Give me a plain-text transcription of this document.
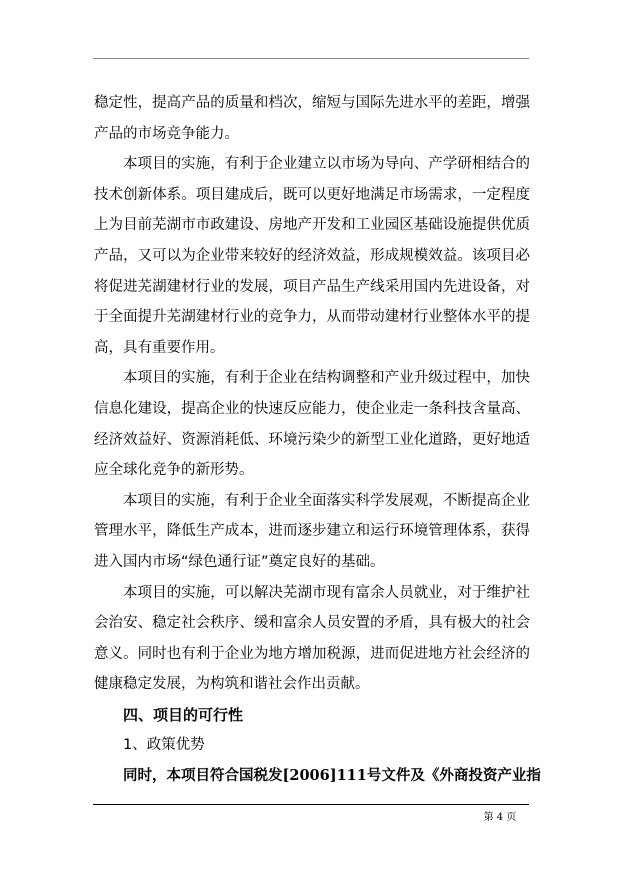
稳定性，提高产品的质量和档次，缩短与国际先进水平的差距，增强产品的市场竞争能力。

本项目的实施，有利于企业建立以市场为导向、产学研相结合的技术创新体系。项目建成后，既可以更好地满足市场需求，一定程度上为目前芜湖市市政建设、房地产开发和工业园区基础设施提供优质产品，又可以为企业带来较好的经济效益，形成规模效益。该项目必将促进芜湖建材行业的发展，项目产品生产线采用国内先进设备，对于全面提升芜湖建材行业的竞争力，从而带动建材行业整体水平的提高，具有重要作用。

本项目的实施，有利于企业在结构调整和产业升级过程中，加快信息化建设，提高企业的快速反应能力，使企业走一条科技含量高、经济效益好、资源消耗低、环境污染少的新型工业化道路，更好地适应全球化竞争的新形势。

本项目的实施，有利于企业全面落实科学发展观，不断提高企业管理水平，降低生产成本，进而逐步建立和运行环境管理体系，获得进入国内市场“绿色通行证”奠定良好的基础。

本项目的实施，可以解决芜湖市现有富余人员就业，对于维护社会治安、稳定社会秩序、缓和富余人员安置的矛盾，具有极大的社会意义。同时也有利于企业为地方增加税源，进而促进地方社会经济的健康稳定发展，为构筑和谐社会作出贡献。

四、项目的可行性

1、政策优势

同时，本项目符合国税发[2006]111号文件及《外商投资产业指

第 4 页
